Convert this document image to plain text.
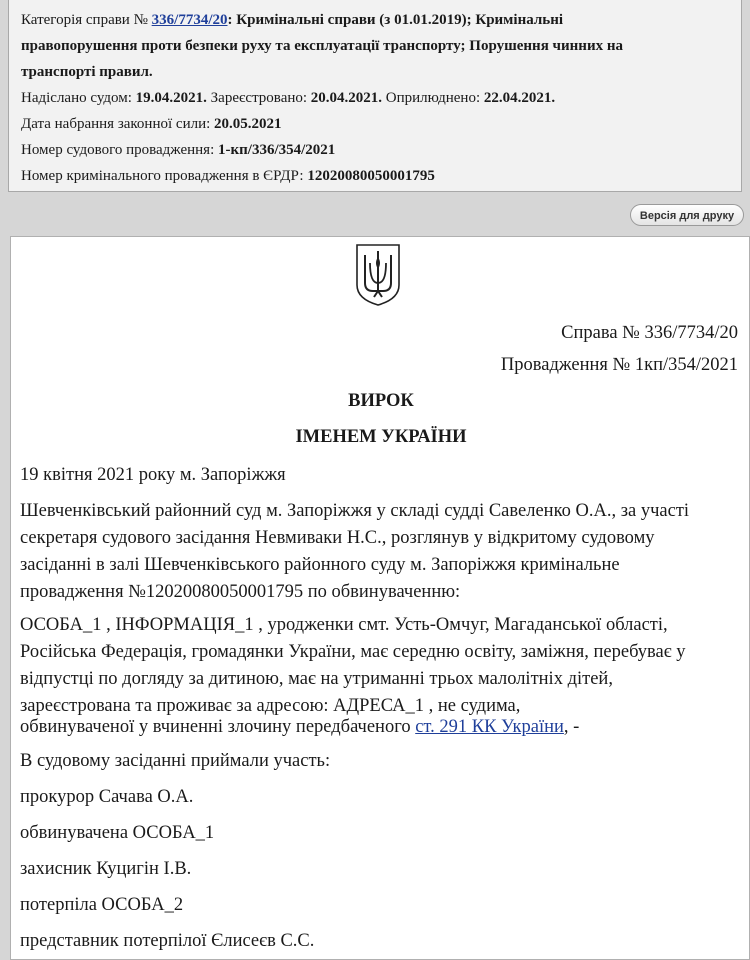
Категорія справи № 336/7734/20: Кримінальні справи (з 01.01.2019); Кримінальні
правопорушення проти безпеки руху та експлуатації транспорту; Порушення чинних на
транспорті правил.
Надіслано судом: 19.04.2021. Зареєстровано: 20.04.2021. Оприлюднено: 22.04.2021.
Дата набрання законної сили: 20.05.2021
Номер судового провадження: 1-кп/336/354/2021
Номер кримінального провадження в ЄРДР: 12020080050001795
Версія для друку
Справа № 336/7734/20
Провадження № 1кп/354/2021
ВИРОК
ІМЕНЕМ УКРАЇНИ
19 квітня 2021 року м. Запоріжжя
Шевченківський районний суд м. Запоріжжя у складі судді Савеленко О.А., за участі
секретаря судового засідання Невмиваки Н.С., розглянув у відкритому судовому
засіданні в залі Шевченківського районного суду м. Запоріжжя кримінальне
провадження №12020080050001795 по обвинуваченню:
ОСОБА_1 , ІНФОРМАЦІЯ_1 , уродженки смт. Усть-Омчуг, Магаданської області,
Російська Федерація, громадянки України, має середню освіту, заміжня, перебуває у
відпустці по догляду за дитиною, має на утриманні трьох малолітніх дітей,
зареєстрована та проживає за адресою: АДРЕСА_1 , не судима,
обвинуваченої у вчиненні злочину передбаченого ст. 291 КК України, -
В судовому засіданні приймали участь:
прокурор Сачава О.А.
обвинувачена ОСОБА_1
захисник Куцигін І.В.
потерпіла ОСОБА_2
представник потерпілої Єлисеєв С.С.
